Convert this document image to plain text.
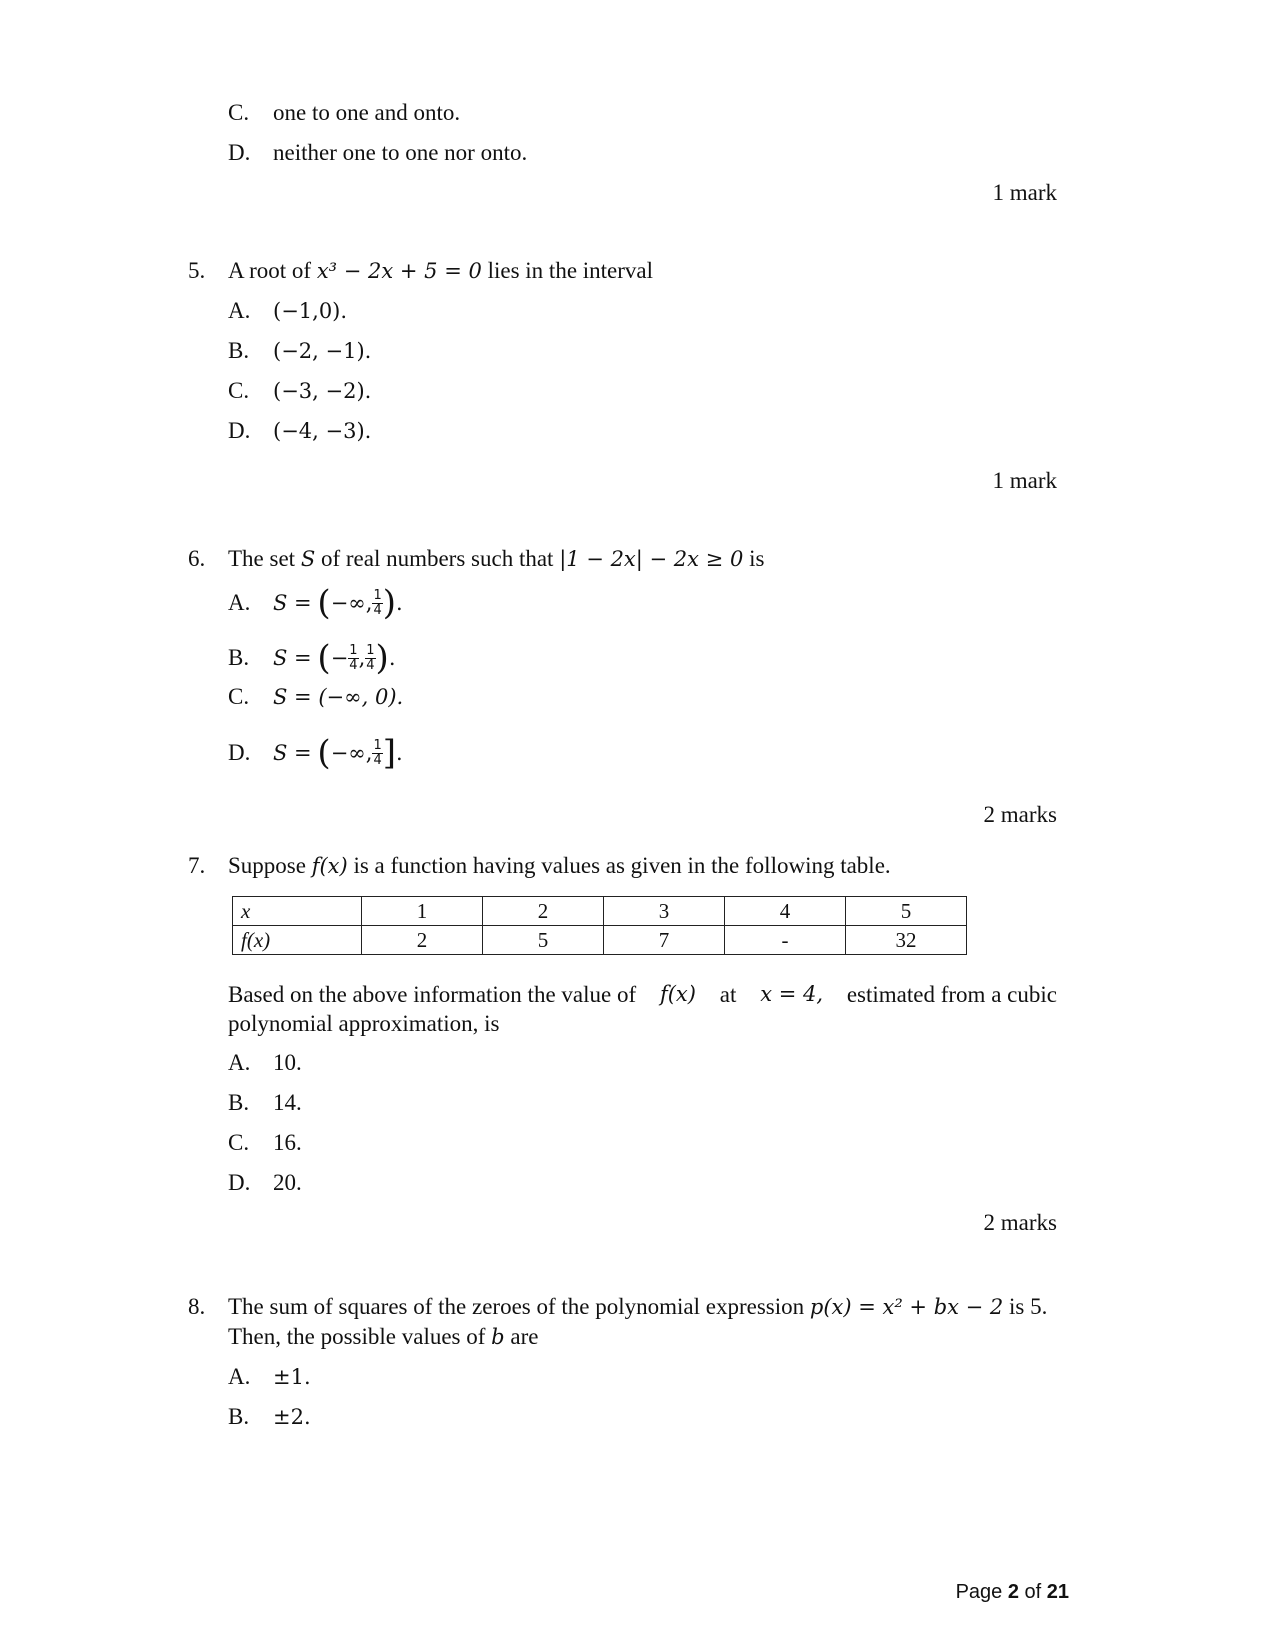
C.	one to one and onto.
D. neither one to one nor onto.
1 mark
5. A root of x³ − 2x + 5 = 0 lies in the interval
A.	(−1,0).
B.	(−2, −1).
C.	(−3, −2).
D.	(−4, −3).
1 mark
6. The set S of real numbers such that |1 − 2x| − 2x ≥ 0 is
A.	S =
( −∞, $\frac{1}{4}$ ) .
B.	S =
( − $\frac{1}{4}$ , $\frac{1}{4}$ ) .
C.	S = (−∞, 0).
D.	S =
( −∞, $\frac{1}{4}$ ] .
2 marks
7. Suppose f(x) is a function having values as given in the following table.
x	1	2	3	4	5
f(x)	2	5	7	-	32
Based on the above information the value of f(x) at x = 4, estimated from a cubic
polynomial approximation, is
A. 10.
B.	14.
C.	16.
D. 20.
2 marks
8. The sum of squares of the zeroes of the polynomial expression p(x) = x² + bx − 2 is 5.
Then, the possible values of b are
A.	±1.
B.	±2.
Page 2 of 21
